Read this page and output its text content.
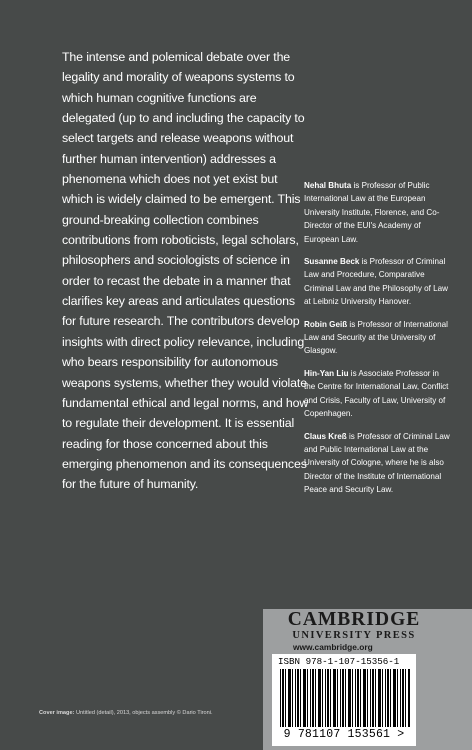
The intense and polemical debate over the legality and morality of weapons systems to which human cognitive functions are delegated (up to and including the capacity to select targets and release weapons without further human intervention) addresses a phenomena which does not yet exist but which is widely claimed to be emergent. This ground-breaking collection combines contributions from roboticists, legal scholars, philosophers and sociologists of science in order to recast the debate in a manner that clarifies key areas and articulates questions for future research. The contributors develop insights with direct policy relevance, including who bears responsibility for autonomous weapons systems, whether they would violate fundamental ethical and legal norms, and how to regulate their development. It is essential reading for those concerned about this emerging phenomenon and its consequences for the future of humanity.

Nehal Bhuta is Professor of Public International Law at the European University Institute, Florence, and Co-Director of the EUI's Academy of European Law.

Susanne Beck is Professor of Criminal Law and Procedure, Comparative Criminal Law and the Philosophy of Law at Leibniz University Hanover.

Robin Geiß is Professor of International Law and Security at the University of Glasgow.

Hin-Yan Liu is Associate Professor in the Centre for International Law, Conflict and Crisis, Faculty of Law, University of Copenhagen.

Claus Kreß is Professor of Criminal Law and Public International Law at the University of Cologne, where he is also Director of the Institute of International Peace and Security Law.

Cover image: Untitled (detail), 2013, objects assembly © Dario Tironi.
CAMBRIDGE
UNIVERSITY PRESS
www.cambridge.org
ISBN 978-1-107-15356-1
9 781107 153561 >
